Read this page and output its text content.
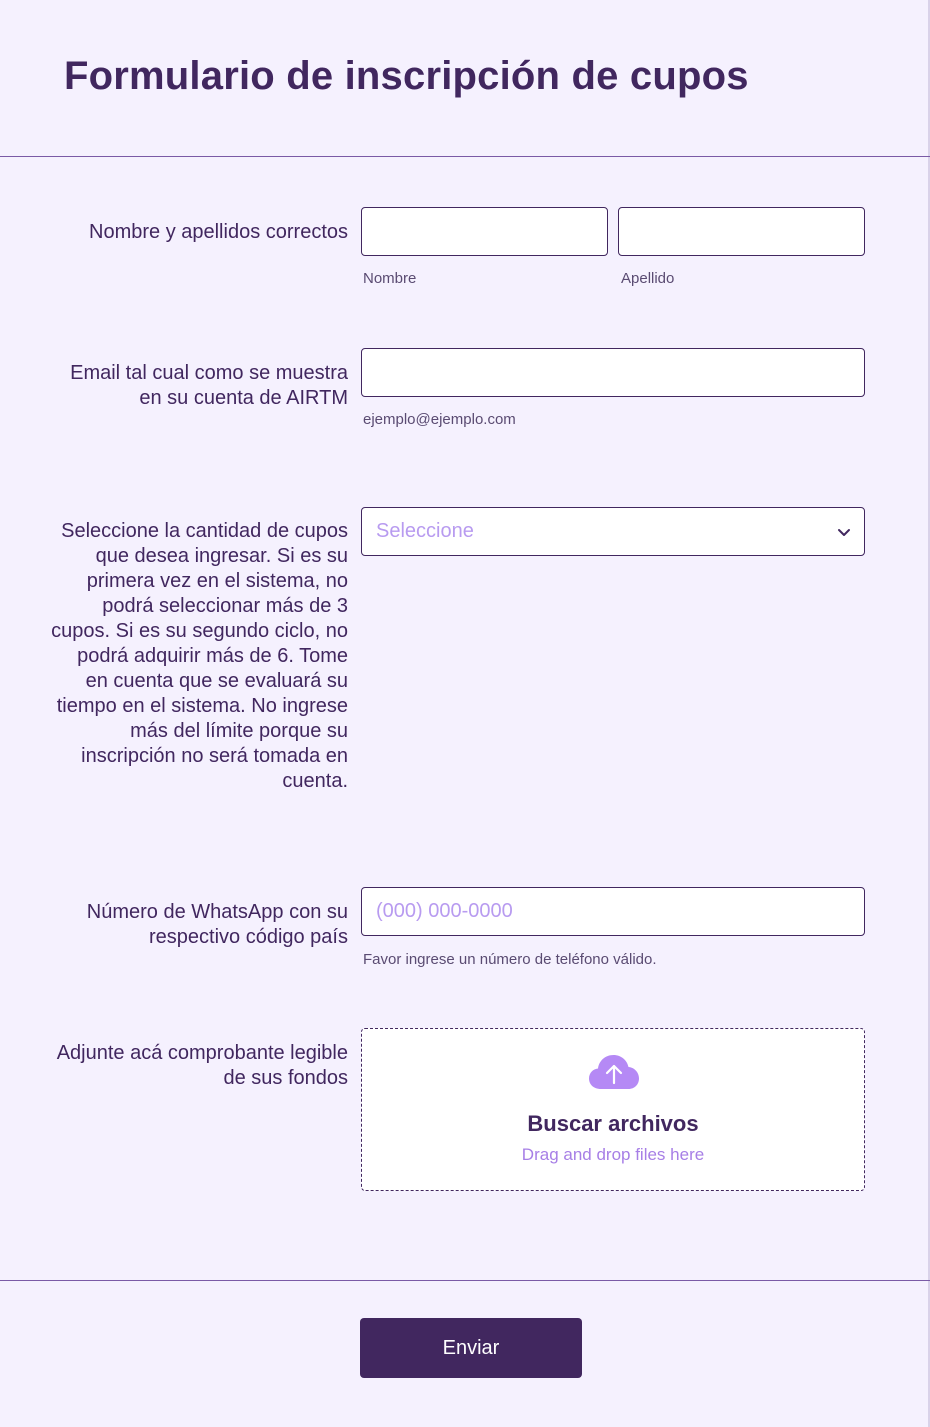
Formulario de inscripción de cupos
Nombre y apellidos correctos
Nombre	Apellido
Email tal cual como se muestra en su cuenta de AIRTM
ejemplo@ejemplo.com
Seleccione la cantidad de cupos que desea ingresar. Si es su primera vez en el sistema, no podrá seleccionar más de 3 cupos. Si es su segundo ciclo, no podrá adquirir más de 6. Tome en cuenta que se evaluará su tiempo en el sistema. No ingrese más del límite porque su inscripción no será tomada en cuenta.
Seleccione
Número de WhatsApp con su respectivo código país
(000) 000-0000
Favor ingrese un número de teléfono válido.
Adjunte acá comprobante legible de sus fondos
Buscar archivos
Drag and drop files here
Enviar
